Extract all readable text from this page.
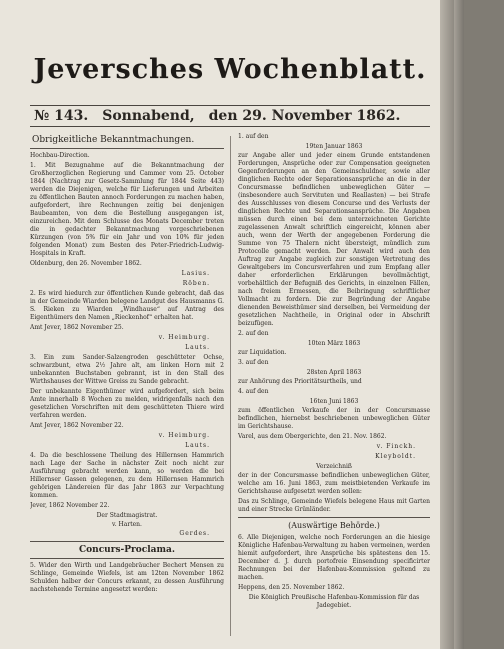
Jeversches Wochenblatt.
№ 143. Sonnabend, den 29. November 1862.
Obrigkeitliche Bekanntmachungen.
Hochbau-Direction.
1. Mit Bezugnahme auf die Bekanntmachung der Großherzoglichen Regierung und Cammer vom 25. October 1844 (Nachtrag zur Gesetz-Sammlung für 1844 Seite 443) werden die Diejenigen, welche für Lieferungen und Arbeiten zu öffentlichen Bauten annoch Forderungen zu machen haben, aufgefordert, ihre Rechnungen zeitig bei denjenigen Baubeamten, von dem die Bestellung ausgegangen ist, einzureichen. Mit dem Schlusse des Monats December treten die in gedachter Bekanntmachung vorgeschriebenen Kürzungen (von 5% für ein Jahr und von 10% für jeden folgenden Monat) zum Besten des Peter-Friedrich-Ludwig-Hospitals in Kraft.
Oldenburg, den 26. November 1862.
Lasius.
Röben.
2. Es wird hiedurch zur öffentlichen Kunde gebracht, daß das in der Gemeinde Wiarden belegene Landgut des Hausmanns G. S. Rieken zu Wiarden „Windhause“ auf Antrag des Eigenthümers den Namen „Rieckenhof“ erhalten hat.
Amt Jever, 1862 November 25.
v. Heimburg.
Lauts.
3. Ein zum Sander-Salzengroden geschütteter Ochse, schwarzbunt, etwa 2½ Jahre alt, am linken Horn mit 2 unbekannten Buchstaben gebrannt, ist in den Stall des Wirthshauses der Wittwe Greiss zu Sande gebracht.
Der unbekannte Eigenthümer wird aufgefordert, sich beim Amte innerhalb 8 Wochen zu melden, widrigenfalls nach den gesetzlichen Vorschriften mit dem geschütteten Thiere wird verfahren werden.
Amt Jever, 1862 November 22.
v. Heimburg.
Lauts.
4. Da die beschlossene Theilung des Hillernsen Hammrich nach Lage der Sache in nächster Zeit noch nicht zur Ausführung gebracht werden kann, so werden die bei Hillernser Gassen gelegenen, zu dem Hillernsen Hammrich gehörigen Ländereien für das Jahr 1863 zur Verpachtung kommen.
Jever, 1862 November 22.
Der Stadtmagistrat.
v. Harten.
Gerdes.
Concurs-Proclama.
5. Wider den Wirth und Landgebräucher Bechert Mensen zu Schlinge, Gemeinde Wiefels, ist am 12ten November 1862 Schulden halber der Concurs erkannt, zu dessen Ausführung nachstehende Termine angesetzt werden:
1. auf den
19ten Januar 1863
zur Angabe aller und jeder einem Grunde entstandenen Forderungen, Ansprüche oder zur Compensation geeigneten Gegenforderungen an den Gemeinschuldner, sowie aller dinglichen Rechte oder Separationsansprüche an die in der Concursmasse befindlichen unbeweglichen Güter — (insbesondere auch Servituten und Reallasten) — bei Strafe des Ausschlusses von diesem Concurse und des Verlusts der dinglichen Rechte und Separationsansprüche. Die Angaben müssen durch einen bei dem unterzeichneten Gerichte zugelassenen Anwalt schriftlich eingereicht, können aber auch, wenn der Werth der angegebenen Forderung die Summe von 75 Thalern nicht übersteigt, mündlich zum Protocolle gemacht werden. Der Anwalt wird auch den Auftrag zur Angabe zugleich zur sonstigen Vertretung des Gewaltgebers im Concursverfahren und zum Empfang aller daher erforderlichen Erklärungen bevollmächtigt, vorbehältlich der Befugniß des Gerichts, in einzelnen Fällen, nach freiem Ermessen, die Beibringung schriftlicher Vollmacht zu fordern. Die zur Begründung der Angabe dienenden Beweisthümer sind derselben, bei Vermeidung der gesetzlichen Nachtheile, in Original oder in Abschrift beizufügen.
2. auf den
10ten März 1863
zur Liquidation.
3. auf den
28sten April 1863
zur Anhörung des Prioritätsurtheils, und
4. auf den
16ten Juni 1863
zum öffentlichen Verkaufe der in der Concursmasse befindlichen, hiernebst beschriebenen unbeweglichen Güter im Gerichtshause.
Varel, aus dem Obergerichte, den 21. Nov. 1862.
v. Finckh.
Kleyboldt.
Verzeichniß
der in der Concursmasse befindlichen unbeweglichen Güter, welche am 16. Juni 1863, zum meistbietenden Verkaufe im Gerichtshause aufgesetzt werden sollen:
Das zu Schlinge, Gemeinde Wiefels belegene Haus mit Garten und einer Strecke Grünländer.
(Auswärtige Behörde.)
6. Alle Diejenigen, welche noch Forderungen an die hiesige Königliche Hafenbau-Verwaltung zu haben vermeinen, werden hiemit aufgefordert, ihre Ansprüche bis spätestens den 15. December d. J. durch portofreie Einsendung specificirter Rechnungen bei der Hafenbau-Kommission geltend zu machen.
Heppens, den 25. November 1862.
Die Königlich Preußische Hafenbau-Kommission für das Jadegebiet.
